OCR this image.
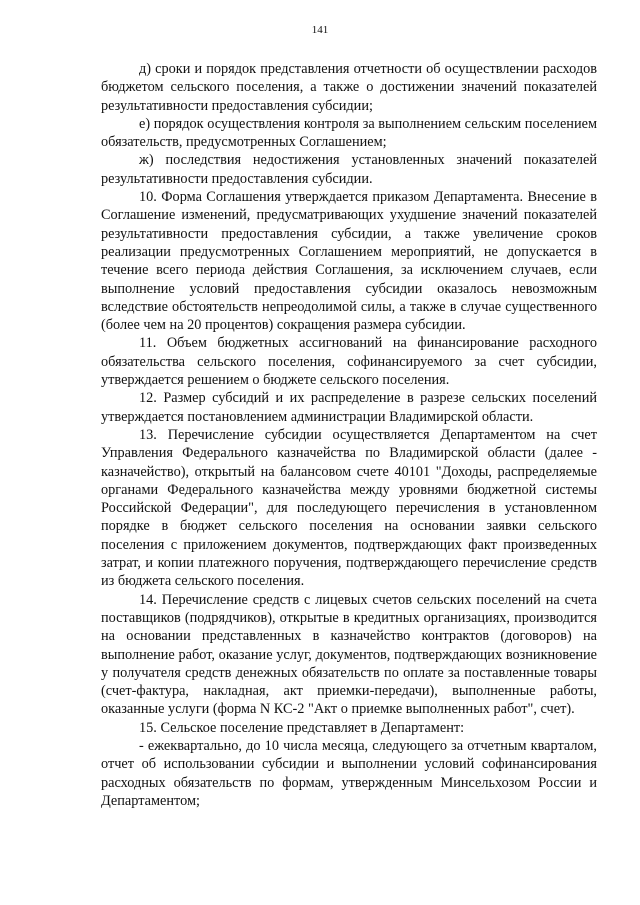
141

д) сроки и порядок представления отчетности об осуществлении расходов бюджетом сельского поселения, а также о достижении значений показателей результативности предоставления субсидии;

е) порядок осуществления контроля за выполнением сельским поселением обязательств, предусмотренных Соглашением;

ж) последствия недостижения установленных значений показателей результативности предоставления субсидии.

10. Форма Соглашения утверждается приказом Департамента. Внесение в Соглашение изменений, предусматривающих ухудшение значений показателей результативности предоставления субсидии, а также увеличение сроков реализации предусмотренных Соглашением мероприятий, не допускается в течение всего периода действия Соглашения, за исключением случаев, если выполнение условий предоставления субсидии оказалось невозможным вследствие обстоятельств непреодолимой силы, а также в случае существенного (более чем на 20 процентов) сокращения размера субсидии.

11. Объем бюджетных ассигнований на финансирование расходного обязательства сельского поселения, софинансируемого за счет субсидии, утверждается решением о бюджете сельского поселения.

12. Размер субсидий и их распределение в разрезе сельских поселений утверждается постановлением администрации Владимирской области.

13. Перечисление субсидии осуществляется Департаментом на счет Управления Федерального казначейства по Владимирской области (далее - казначейство), открытый на балансовом счете 40101 "Доходы, распределяемые органами Федерального казначейства между уровнями бюджетной системы Российской Федерации", для последующего перечисления в установленном порядке в бюджет сельского поселения на основании заявки сельского поселения с приложением документов, подтверждающих факт произведенных затрат, и копии платежного поручения, подтверждающего перечисление средств из бюджета сельского поселения.

14. Перечисление средств с лицевых счетов сельских поселений на счета поставщиков (подрядчиков), открытые в кредитных организациях, производится на основании представленных в казначейство контрактов (договоров) на выполнение работ, оказание услуг, документов, подтверждающих возникновение у получателя средств денежных обязательств по оплате за поставленные товары (счет-фактура, накладная, акт приемки-передачи), выполненные работы, оказанные услуги (форма N КС-2 "Акт о приемке выполненных работ", счет).

15. Сельское поселение представляет в Департамент:

- ежеквартально, до 10 числа месяца, следующего за отчетным кварталом, отчет об использовании субсидии и выполнении условий софинансирования расходных обязательств по формам, утвержденным Минсельхозом России и Департаментом;
